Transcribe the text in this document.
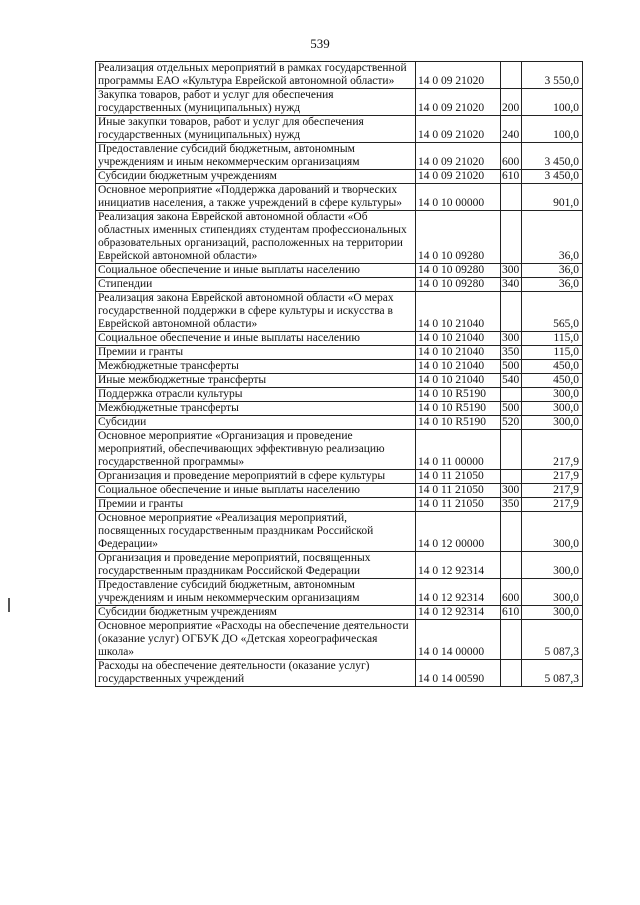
539
Реализация отдельных мероприятий в рамках государственной программы ЕАО «Культура Еврейской автономной области»	14 0 09 21020		3 550,0
Закупка товаров, работ и услуг для обеспечения государственных (муниципальных) нужд	14 0 09 21020	200	100,0
Иные закупки товаров, работ и услуг для обеспечения государственных (муниципальных) нужд	14 0 09 21020	240	100,0
Предоставление субсидий бюджетным, автономным учреждениям и иным некоммерческим организациям	14 0 09 21020	600	3 450,0
Субсидии бюджетным учреждениям	14 0 09 21020	610	3 450,0
Основное мероприятие «Поддержка дарований и творческих инициатив населения, а также учреждений в сфере культуры»	14 0 10 00000		901,0
Реализация закона Еврейской автономной области «Об областных именных стипендиях студентам профессиональных образовательных организаций, расположенных на территории Еврейской автономной области»	14 0 10 09280		36,0
Социальное обеспечение и иные выплаты населению	14 0 10 09280	300	36,0
Стипендии	14 0 10 09280	340	36,0
Реализация закона Еврейской автономной области «О мерах государственной поддержки в сфере культуры и искусства в Еврейской автономной области»	14 0 10 21040		565,0
Социальное обеспечение и иные выплаты населению	14 0 10 21040	300	115,0
Премии и гранты	14 0 10 21040	350	115,0
Межбюджетные трансферты	14 0 10 21040	500	450,0
Иные межбюджетные трансферты	14 0 10 21040	540	450,0
Поддержка отрасли культуры	14 0 10 R5190		300,0
Межбюджетные трансферты	14 0 10 R5190	500	300,0
Субсидии	14 0 10 R5190	520	300,0
Основное мероприятие «Организация и проведение мероприятий, обеспечивающих эффективную реализацию государственной программы»	14 0 11 00000		217,9
Организация и проведение мероприятий в сфере культуры	14 0 11 21050		217,9
Социальное обеспечение и иные выплаты населению	14 0 11 21050	300	217,9
Премии и гранты	14 0 11 21050	350	217,9
Основное мероприятие «Реализация мероприятий, посвященных государственным праздникам Российской Федерации»	14 0 12 00000		300,0
Организация и проведение мероприятий, посвященных государственным праздникам Российской Федерации	14 0 12 92314		300,0
Предоставление субсидий бюджетным, автономным учреждениям и иным некоммерческим организациям	14 0 12 92314	600	300,0
Субсидии бюджетным учреждениям	14 0 12 92314	610	300,0
Основное мероприятие «Расходы на обеспечение деятельности (оказание услуг) ОГБУК ДО «Детская хореографическая школа»	14 0 14 00000		5 087,3
Расходы на обеспечение деятельности (оказание услуг) государственных учреждений	14 0 14 00590		5 087,3
